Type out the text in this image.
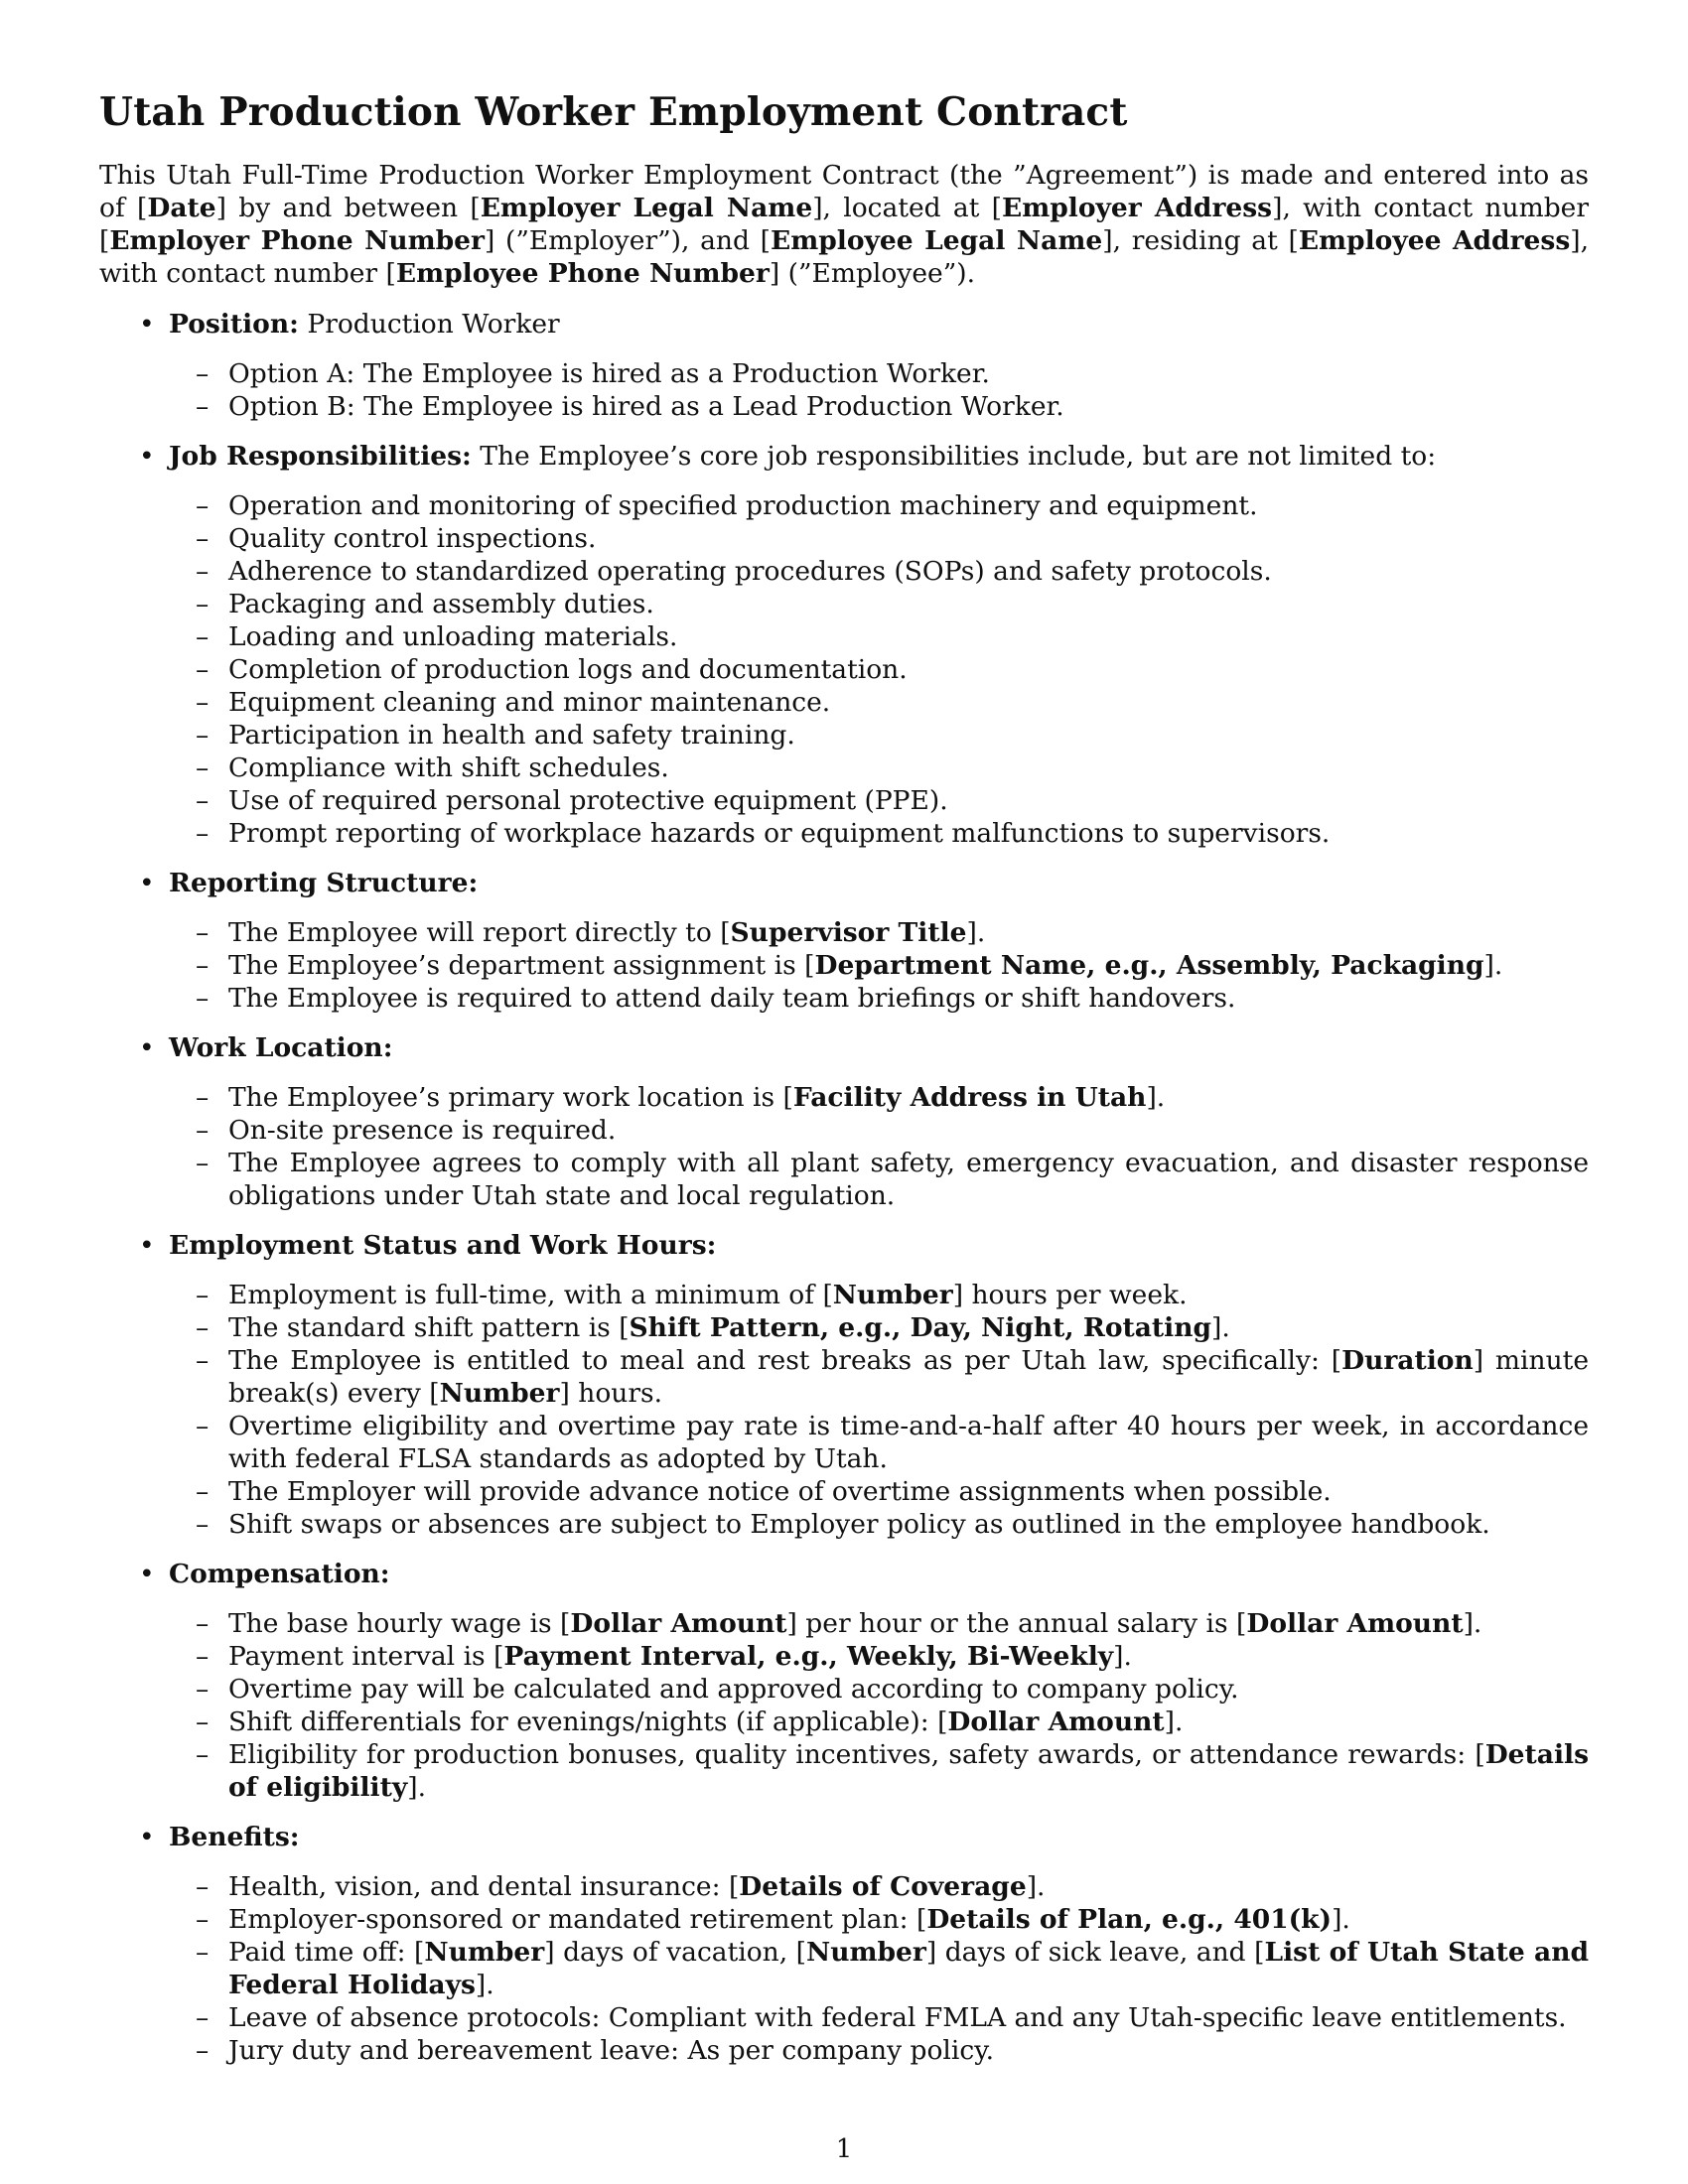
Utah Production Worker Employment Contract

This Utah Full-Time Production Worker Employment Contract (the ”Agreement”) is made and entered into as of [Date] by and between [Employer Legal Name], located at [Employer Address], with contact number [Employer Phone Number] (”Employer”), and [Employee Legal Name], residing at [Employee Address], with contact number [Employee Phone Number] (”Employee”).

• Position: Production Worker
– Option A: The Employee is hired as a Production Worker.
– Option B: The Employee is hired as a Lead Production Worker.
• Job Responsibilities: The Employee’s core job responsibilities include, but are not limited to:
– Operation and monitoring of specified production machinery and equipment.
– Quality control inspections.
– Adherence to standardized operating procedures (SOPs) and safety protocols.
– Packaging and assembly duties.
– Loading and unloading materials.
– Completion of production logs and documentation.
– Equipment cleaning and minor maintenance.
– Participation in health and safety training.
– Compliance with shift schedules.
– Use of required personal protective equipment (PPE).
– Prompt reporting of workplace hazards or equipment malfunctions to supervisors.
• Reporting Structure:
– The Employee will report directly to [Supervisor Title].
– The Employee’s department assignment is [Department Name, e.g., Assembly, Packaging].
– The Employee is required to attend daily team briefings or shift handovers.
• Work Location:
– The Employee’s primary work location is [Facility Address in Utah].
– On-site presence is required.
– The Employee agrees to comply with all plant safety, emergency evacuation, and disaster response obligations under Utah state and local regulation.
• Employment Status and Work Hours:
– Employment is full-time, with a minimum of [Number] hours per week.
– The standard shift pattern is [Shift Pattern, e.g., Day, Night, Rotating].
– The Employee is entitled to meal and rest breaks as per Utah law, specifically: [Duration] minute break(s) every [Number] hours.
– Overtime eligibility and overtime pay rate is time-and-a-half after 40 hours per week, in accordance with federal FLSA standards as adopted by Utah.
– The Employer will provide advance notice of overtime assignments when possible.
– Shift swaps or absences are subject to Employer policy as outlined in the employee handbook.
• Compensation:
– The base hourly wage is [Dollar Amount] per hour or the annual salary is [Dollar Amount].
– Payment interval is [Payment Interval, e.g., Weekly, Bi-Weekly].
– Overtime pay will be calculated and approved according to company policy.
– Shift differentials for evenings/nights (if applicable): [Dollar Amount].
– Eligibility for production bonuses, quality incentives, safety awards, or attendance rewards: [Details of eligibility].
• Benefits:
– Health, vision, and dental insurance: [Details of Coverage].
– Employer-sponsored or mandated retirement plan: [Details of Plan, e.g., 401(k)].
– Paid time off: [Number] days of vacation, [Number] days of sick leave, and [List of Utah State and Federal Holidays].
– Leave of absence protocols: Compliant with federal FMLA and any Utah-specific leave entitlements.
– Jury duty and bereavement leave: As per company policy.
1
